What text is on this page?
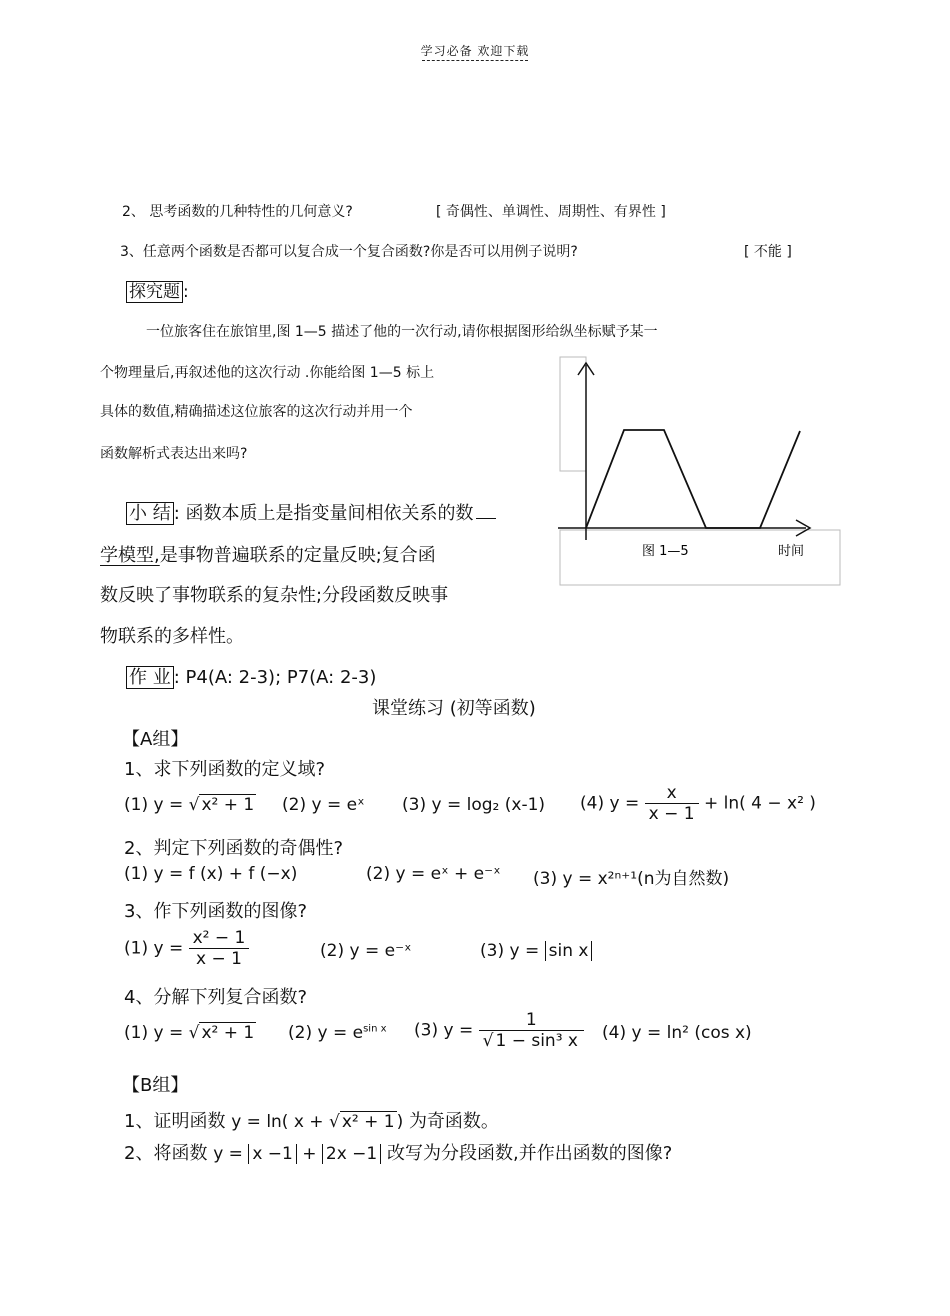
学习必备 欢迎下载
2、 思考函数的几种特性的几何意义?	[ 奇偶性、单调性、周期性、有界性 ]
3、任意两个函数是否都可以复合成一个复合函数?你是否可以用例子说明?	[ 不能 ]
探究题 :
一位旅客住在旅馆里,图 1—5 描述了他的一次行动,请你根据图形给纵坐标赋予某一
个物理量后,再叙述他的这次行动 .你能给图 1—5 标上
具体的数值,精确描述这位旅客的这次行动并用一个
函数解析式表达出来吗?
图 1—5	时间
小 结 : 函数本质上是指变量间相依关系的数
学模型,是事物普遍联系的定量反映;复合函
数反映了事物联系的复杂性;分段函数反映事
物联系的多样性。
作 业 : P4(A: 2-3); P7(A: 2-3)
课堂练习 (初等函数)
【A组】
1、求下列函数的定义域?
(1) y = √ x² + 1 (2) y = eˣ (3) y = log₂ (x-1) (4) $y = \frac{x}{x - 1} + \ln$( 4 − x² )
2、判定下列函数的奇偶性?
(1) y = f (x) + f (−x)	(2) y = eˣ + e⁻ˣ (3) y = x²ⁿ⁺¹(n为自然数)
3、作下列函数的图像?
(1) $y = \frac{\text{x² − 1}}{x - 1}$	(2) y = e⁻ˣ	(3) y = sin x
4、分解下列复合函数?
(1) y = √ x² + 1 (2) $y = e^{sin x}$ (3) $y = \frac{1}{\text{√ 1 − sin³ x}} (4) y = \ln^2$ (cos x)
【B组】
1、证明函数 y = ln( x + √ x² + 1 ) 为奇函数。
2、将函数 y = x −1 + 2x −1 改写为分段函数,并作出函数的图像?
